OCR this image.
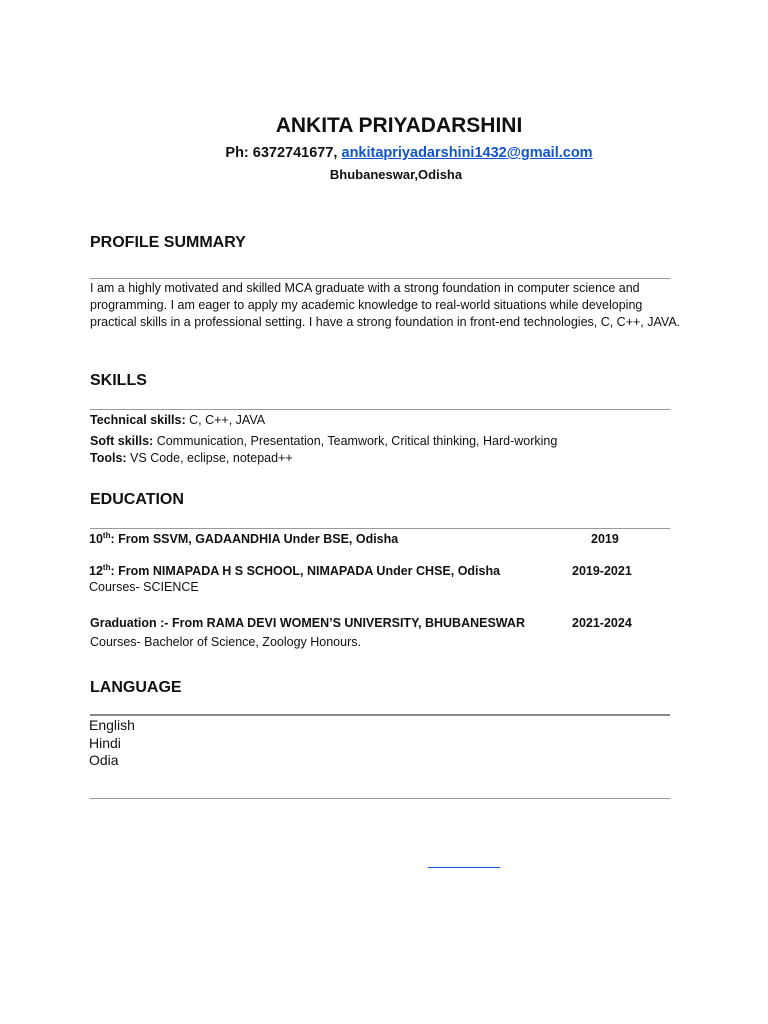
ANKITA PRIYADARSHINI
Ph: 6372741677, ankitapriyadarshini1432@gmail.com
Bhubaneswar,Odisha
PROFILE SUMMARY
I am a highly motivated and skilled MCA graduate with a strong foundation in computer science and
programming. I am eager to apply my academic knowledge to real-world situations while developing
practical skills in a professional setting. I have a strong foundation in front-end technologies, C, C++, JAVA.
SKILLS
Technical skills: C, C++, JAVA
Soft skills: Communication, Presentation, Teamwork, Critical thinking, Hard-working
Tools: VS Code, eclipse, notepad++
EDUCATION
10th: From SSVM, GADAANDHIA Under BSE, Odisha	2019
12th: From NIMAPADA H S SCHOOL, NIMAPADA Under CHSE, Odisha	2019-2021
Courses- SCIENCE
Graduation :- From RAMA DEVI WOMEN’S UNIVERSITY, BHUBANESWAR	2021-2024
Courses- Bachelor of Science, Zoology Honours.
LANGUAGE
English
Hindi
Odia
